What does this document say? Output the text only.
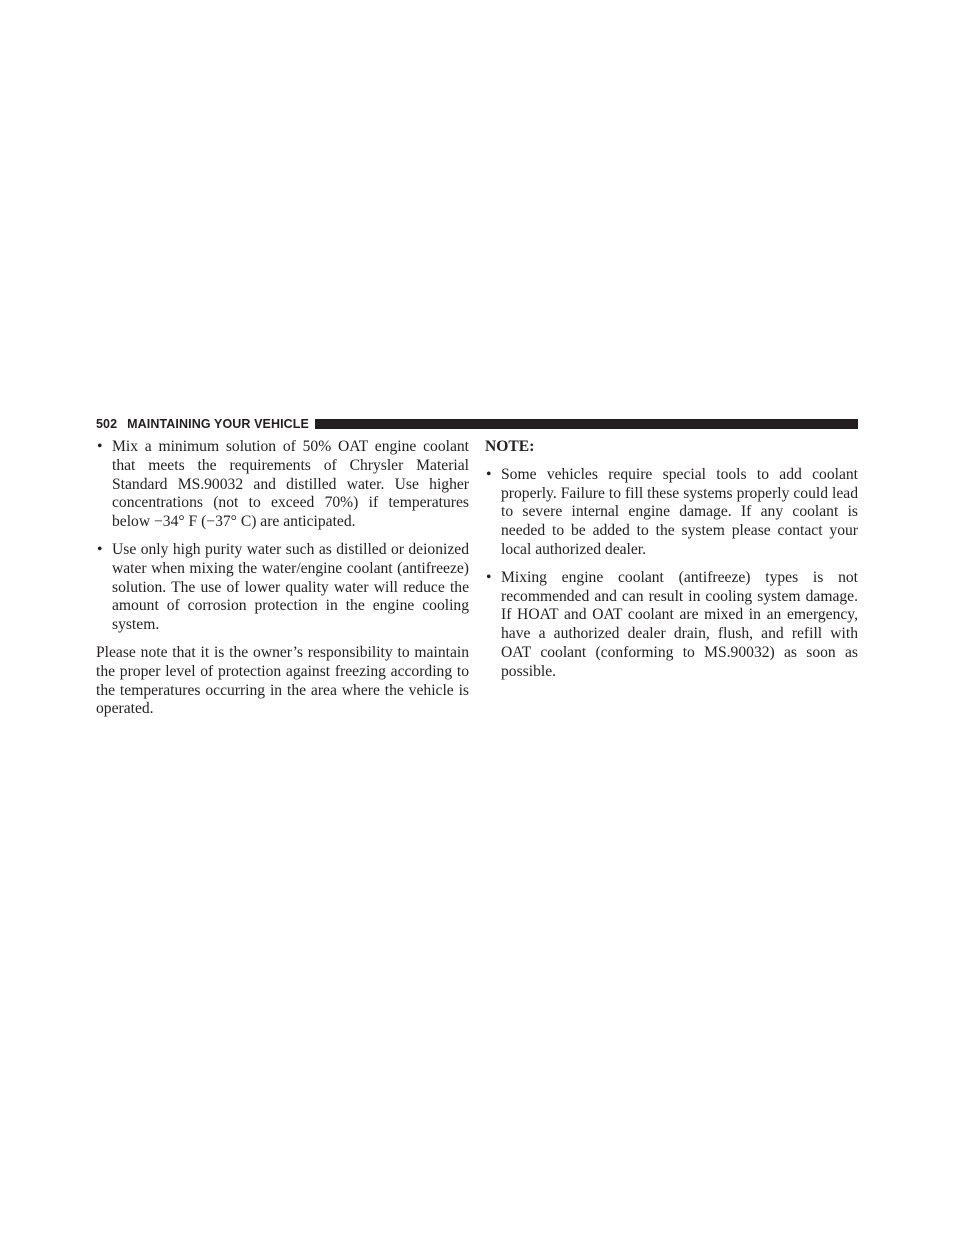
502 MAINTAINING YOUR VEHICLE
• Mix a minimum solution of 50% OAT engine coolant that meets the requirements of Chrysler Material Standard MS.90032 and distilled water. Use higher concentrations (not to exceed 70%) if temperatures below −34° F (−37° C) are anticipated.
• Use only high purity water such as distilled or deionized water when mixing the water/engine coolant (antifreeze) solution. The use of lower quality water will reduce the amount of corrosion protection in the engine cooling system.

Please note that it is the owner’s responsibility to maintain the proper level of protection against freezing according to the temperatures occurring in the area where the vehicle is operated.

NOTE:
• Some vehicles require special tools to add coolant properly. Failure to fill these systems properly could lead to severe internal engine damage. If any coolant is needed to be added to the system please contact your local authorized dealer.
• Mixing engine coolant (antifreeze) types is not recommended and can result in cooling system damage. If HOAT and OAT coolant are mixed in an emergency, have a authorized dealer drain, flush, and refill with OAT coolant (conforming to MS.90032) as soon as possible.
